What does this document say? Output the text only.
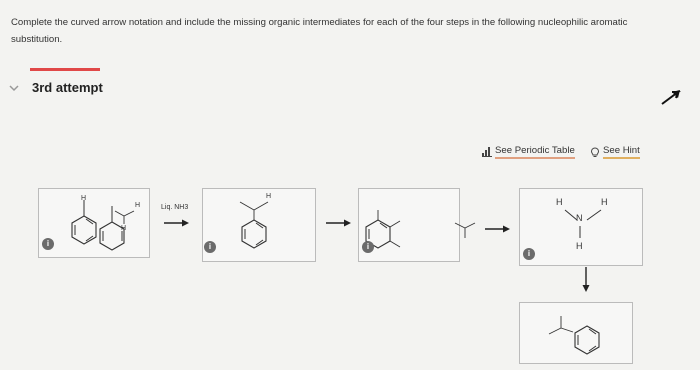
Complete the curved arrow notation and include the missing organic intermediates for each of the four steps in the following nucleophilic aromatic substitution.

3rd attempt
See Periodic Table	See Hint
H
i
H
H
Liq. NH3
H
i	i
H	H
N
H
i
